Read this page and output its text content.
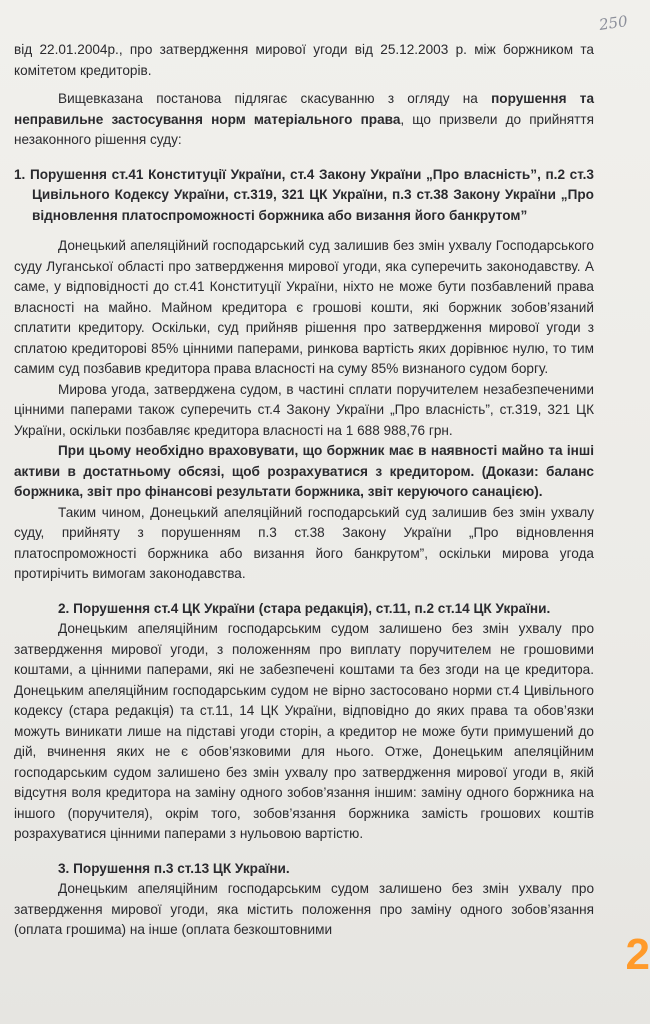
250
2

від 22.01.2004р., про затвердження мирової угоди від 25.12.2003 р. між боржником та комітетом кредиторів.

Вищевказана постанова підлягає скасуванню з огляду на порушення та неправильне застосування норм матеріального права, що призвели до прийняття незаконного рішення суду:

1. Порушення ст.41 Конституції України, ст.4 Закону України „Про власність”, п.2 ст.3 Цивільного Кодексу України, ст.319, 321 ЦК України, п.3 ст.38 Закону України „Про відновлення платоспроможності боржника або визання його банкрутом”

Донецький апеляційний господарський суд залишив без змін ухвалу Господарського суду Луганської області про затвердження мирової угоди, яка суперечить законодавству. А саме, у відповідності до ст.41 Конституції України, ніхто не може бути позбавлений права власності на майно. Майном кредитора є грошові кошти, які боржник зобов’язаний сплатити кредитору. Оскільки, суд прийняв рішення про затвердження мирової угоди з сплатою кредиторові 85% цінними паперами, ринкова вартість яких дорівнює нулю, то тим самим суд позбавив кредитора права власності на суму 85% визнаного судом боргу.

Мирова угода, затверджена судом, в частині сплати поручителем незабезпеченими цінними паперами також суперечить ст.4 Закону України „Про власність”, ст.319, 321 ЦК України, оскільки позбавляє кредитора власності на 1 688 988,76 грн.

При цьому необхідно враховувати, що боржник має в наявності майно та інші активи в достатньому обсязі, щоб розрахуватися з кредитором. (Докази: баланс боржника, звіт про фінансові результати боржника, звіт керуючого санацією).

Таким чином, Донецький апеляційний господарський суд залишив без змін ухвалу суду, прийняту з порушенням п.3 ст.38 Закону України „Про відновлення платоспроможності боржника або визання його банкрутом”, оскільки мирова угода протирічить вимогам законодавства.

2. Порушення ст.4 ЦК України (стара редакція), ст.11, п.2 ст.14 ЦК України.

Донецьким апеляційним господарським судом залишено без змін ухвалу про затвердження мирової угоди, з положенням про виплату поручителем не грошовими коштами, а цінними паперами, які не забезпечені коштами та без згоди на це кредитора. Донецьким апеляційним господарським судом не вірно застосовано норми ст.4 Цивільного кодексу (стара редакція) та ст.11, 14 ЦК України, відповідно до яких права та обов’язки можуть виникати лише на підставі угоди сторін, а кредитор не може бути примушений до дій, вчинення яких не є обов’язковими для нього. Отже, Донецьким апеляційним господарським судом залишено без змін ухвалу про затвердження мирової угоди в, якій відсутня воля кредитора на заміну одного зобов’язання іншим: заміну одного боржника на іншого (поручителя), окрім того, зобов’язання боржника замість грошових коштів розрахуватися цінними паперами з нульовою вартістю.

3. Порушення п.3 ст.13 ЦК України.

Донецьким апеляційним господарським судом залишено без змін ухвалу про затвердження мирової угоди, яка містить положення про заміну одного зобов’язання (оплата грошима) на інше (оплата безкоштовними
